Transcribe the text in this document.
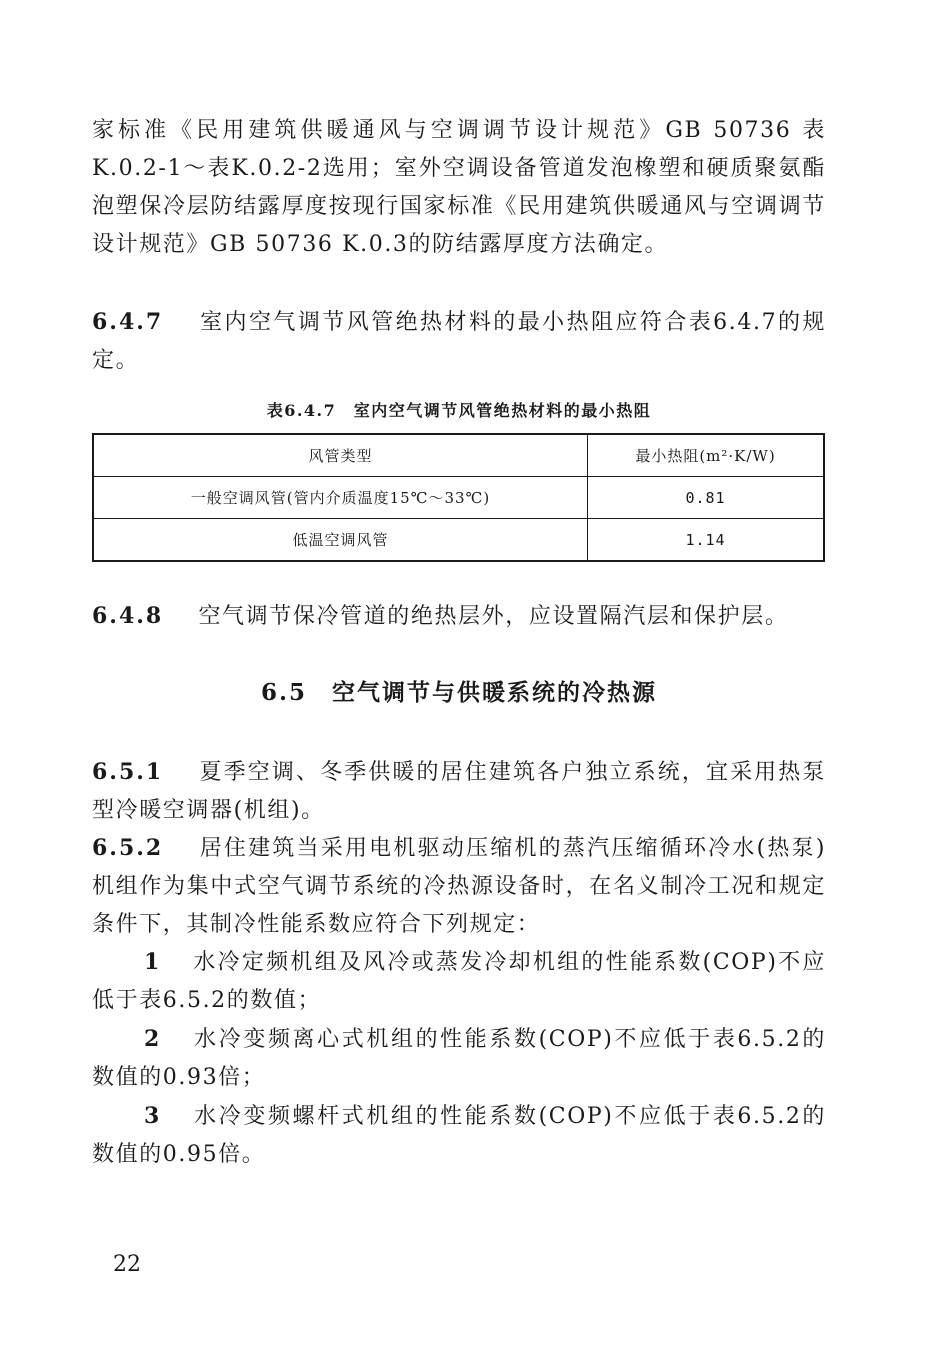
家标准《民用建筑供暖通风与空调调节设计规范》GB 50736 表K.0.2-1～表K.0.2-2选用；室外空调设备管道发泡橡塑和硬质聚氨酯泡塑保冷层防结露厚度按现行国家标准《民用建筑供暖通风与空调调节设计规范》GB 50736 K.0.3的防结露厚度方法确定。
6.4.7 室内空气调节风管绝热材料的最小热阻应符合表6.4.7的规定。
表6.4.7　室内空气调节风管绝热材料的最小热阻
风管类型	最小热阻(m²·K/W)
一般空调风管(管内介质温度15℃～33℃)	0.81
低温空调风管	1.14
6.4.8 空气调节保冷管道的绝热层外，应设置隔汽层和保护层。
6.5　空气调节与供暖系统的冷热源
6.5.1 夏季空调、冬季供暖的居住建筑各户独立系统，宜采用热泵型冷暖空调器(机组)。
6.5.2 居住建筑当采用电机驱动压缩机的蒸汽压缩循环冷水(热泵)机组作为集中式空气调节系统的冷热源设备时，在名义制冷工况和规定条件下，其制冷性能系数应符合下列规定：
1 水冷定频机组及风冷或蒸发冷却机组的性能系数(COP)不应低于表6.5.2的数值；
2 水冷变频离心式机组的性能系数(COP)不应低于表6.5.2的数值的0.93倍；
3 水冷变频螺杆式机组的性能系数(COP)不应低于表6.5.2的数值的0.95倍。
22
